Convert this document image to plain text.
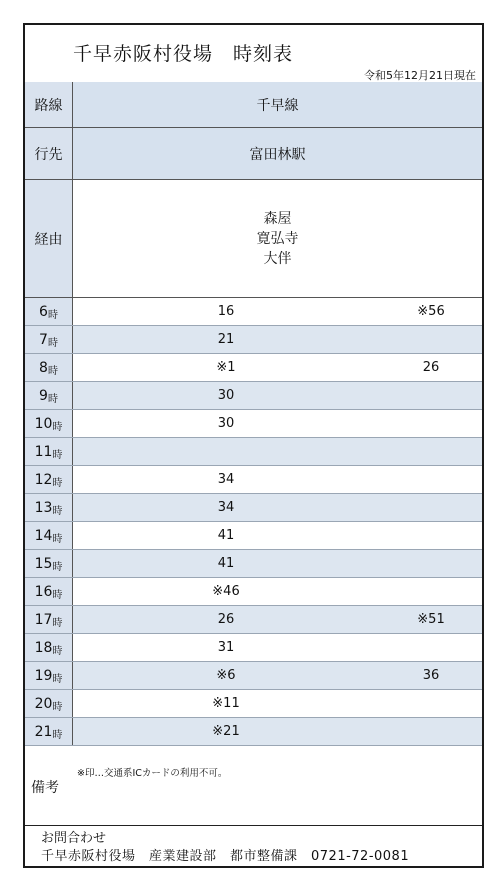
千早赤阪村役場　時刻表
令和5年12月21日現在
路線	千早線
行先	富田林駅
経由
森屋
寛弘寺
大伴
6 時	16	※56
7 時	21
8 時	※1	26
9 時	30
10 時	30
11 時
12 時	34
13 時	34
14 時	41
15 時	41
16 時	※46
17 時	26	※51
18 時	31
19 時	※6	36
20 時	※11
21 時	※21
備考
※印…交通系ICカードの利用不可。
お問合わせ
千早赤阪村役場　産業建設部　都市整備課　0721-72-0081
